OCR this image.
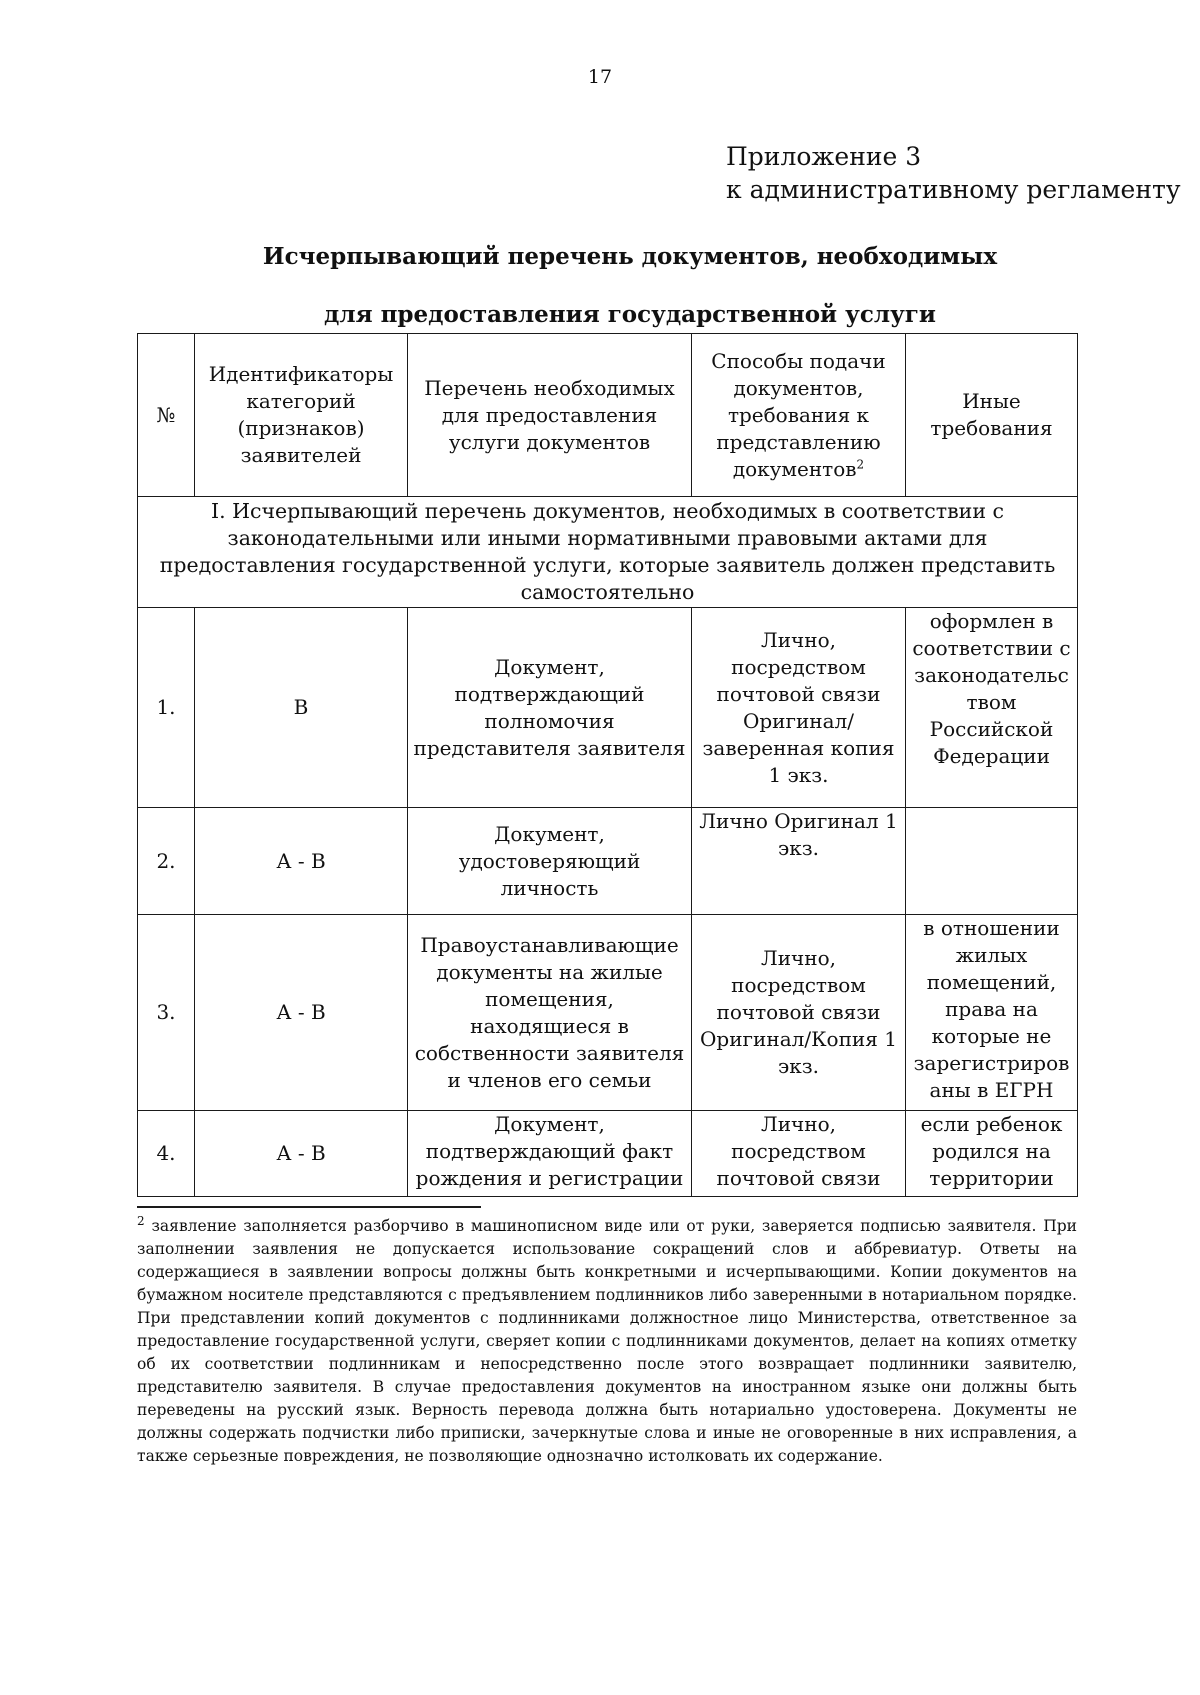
17
Приложение 3
к административному регламенту
Исчерпывающий перечень документов, необходимых
для предоставления государственной услуги
№	Идентификаторы категорий (признаков) заявителей	Перечень необходимых для предоставления услуги документов	Способы подачи документов, требования к представлению документов$^2$	Иные требования
I. Исчерпывающий перечень документов, необходимых в соответствии с законодательными или иными нормативными правовыми актами для предоставления государственной услуги, которые заявитель должен представить самостоятельно				
1.	В	Документ, подтверждающий полномочия представителя заявителя	Лично, посредством почтовой связи Оригинал/ заверенная копия 1 экз.	оформлен в соответствии с законодательс твом Российской Федерации
2.	А - В	Документ, удостоверяющий личность	Лично Оригинал 1 экз.	
3.	А - В	Правоустанавливающие документы на жилые помещения, находящиеся в собственности заявителя и членов его семьи	Лично, посредством почтовой связи Оригинал/Копия 1 экз.	в отношении жилых помещений, права на которые не зарегистриров аны в ЕГРН
4.	А - В	Документ, подтверждающий факт рождения и регистрации	Лично, посредством почтовой связи	если ребенок родился на территории
$^2$ заявление заполняется разборчиво в машинописном виде или от руки, заверяется подписью заявителя. При заполнении заявления не допускается использование сокращений слов и аббревиатур. Ответы на содержащиеся в заявлении вопросы должны быть конкретными и исчерпывающими. Копии документов на бумажном носителе представляются с предъявлением подлинников либо заверенными в нотариальном порядке. При представлении копий документов с подлинниками должностное лицо Министерства, ответственное за предоставление государственной услуги, сверяет копии с подлинниками документов, делает на копиях отметку об их соответствии подлинникам и непосредственно после этого возвращает подлинники заявителю, представителю заявителя. В случае предоставления документов на иностранном языке они должны быть переведены на русский язык. Верность перевода должна быть нотариально удостоверена. Документы не должны содержать подчистки либо приписки, зачеркнутые слова и иные не оговоренные в них исправления, а также серьезные повреждения, не позволяющие однозначно истолковать их содержание.
